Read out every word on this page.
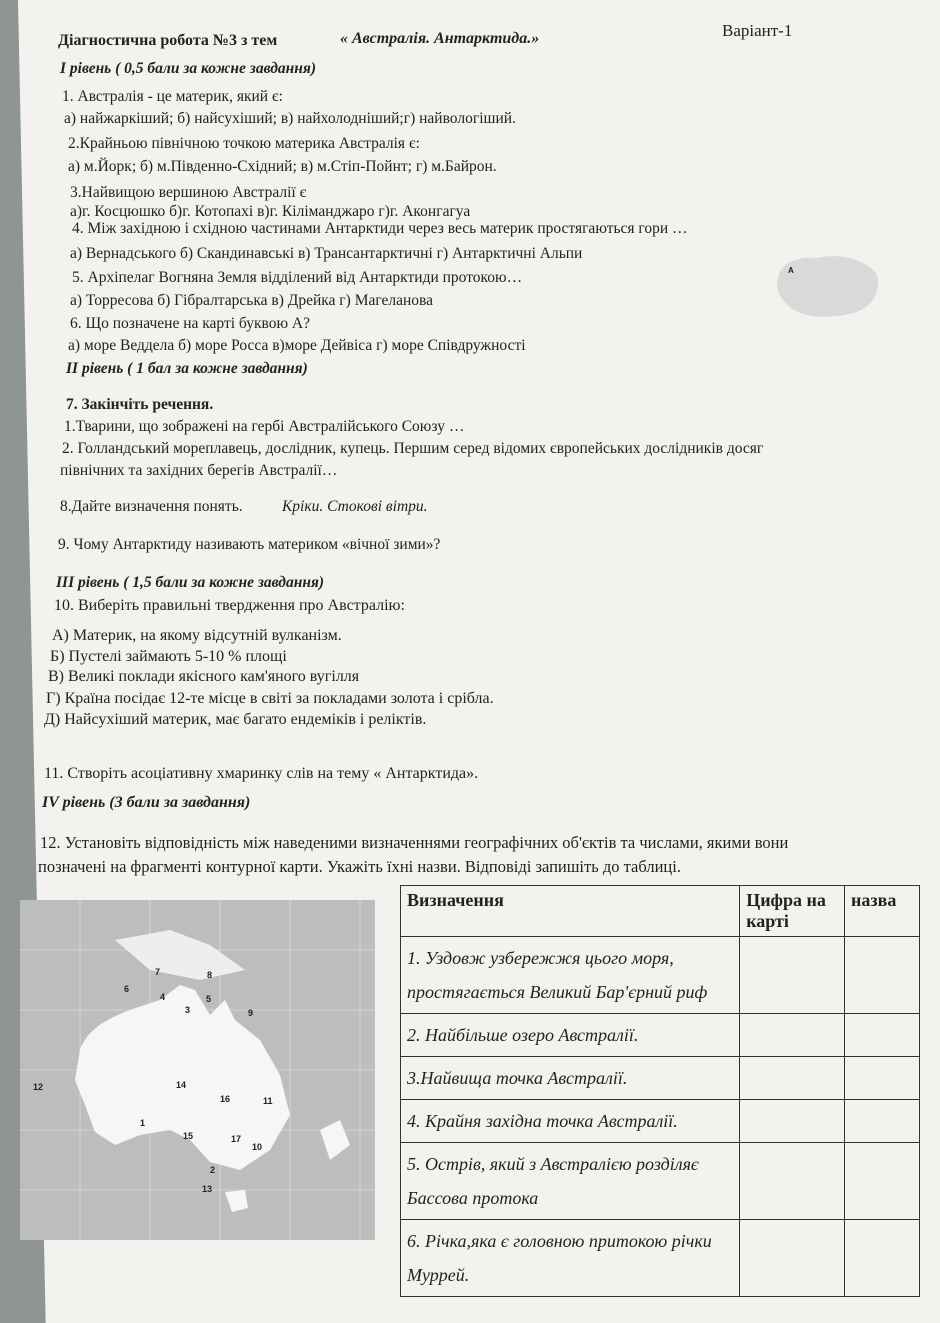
Діагностична робота №3 з тем	« Австралія. Антарктида.»	Варіант-1
I рівень ( 0,5 бали за кожне завдання)
1. Австралія - це материк, який є:
а) найжаркіший; б) найсухіший; в) найхолодніший;г) найвологіший.
2.Крайньою північною точкою материка Австралія є:
а) м.Йорк; б) м.Південно-Східний; в) м.Стіп-Пойнт; г) м.Байрон.
3.Найвищою вершиною Австралії є
а)г. Косцюшко б)г. Котопахі в)г. Кіліманджаро г)г. Аконгагуа
4. Між західною і східною частинами Антарктиди через весь материк простягаються гори …
а) Вернадського б) Скандинавські в) Трансантарктичні г) Антарктичні Альпи
5. Архіпелаг Вогняна Земля відділений від Антарктиди протокою…
а) Торресова б) Гібралтарська в) Дрейка г) Магеланова
6. Що позначене на карті буквою А?
а) море Веддела б) море Росса в)море Дейвіса г) море Співдружності
A
II рівень ( 1 бал за кожне завдання)
7. Закінчіть речення.
1.Тварини, що зображені на гербі Австралійського Союзу …
2. Голландський мореплавець, дослідник, купець. Першим серед відомих європейських дослідників досяг
північних та західних берегів Австралії…
8.Дайте визначення понять.	Кріки. Стокові вітри.
9. Чому Антарктиду називають материком «вічної зими»?
III рівень ( 1,5 бали за кожне завдання)
10. Виберіть правильні твердження про Австралію:
А) Материк, на якому відсутній вулканізм.
Б) Пустелі займають 5-10 % площі
В) Великі поклади якісного кам'яного вугілля
Г) Країна посідає 12-те місце в світі за покладами золота і срібла.
Д) Найсухіший материк, має багато ендеміків і реліктів.
11. Створіть асоціативну хмаринку слів на тему « Антарктида».
IV рівень (3 бали за завдання)
12. Установіть відповідність між наведеними визначеннями географічних об'єктів та числами, якими вони
позначені на фрагменті контурної карти. Укажіть їхні назви. Відповіді запишіть до таблиці.
1
2
3
4	5
6
7	8
9
10
11
12
13
14
15
16
17
Визначення	Цифра на карті	назва
1. Уздовж узбережжя цього моря, простягається Великий Бар'єрний риф		
2. Найбільше озеро Австралії.		
3.Найвища точка Австралії.		
4. Крайня західна точка Австралії.		
5. Острів, який з Австралією розділяє Бассова протока		
6. Річка,яка є головною притокою річки Муррей.		
